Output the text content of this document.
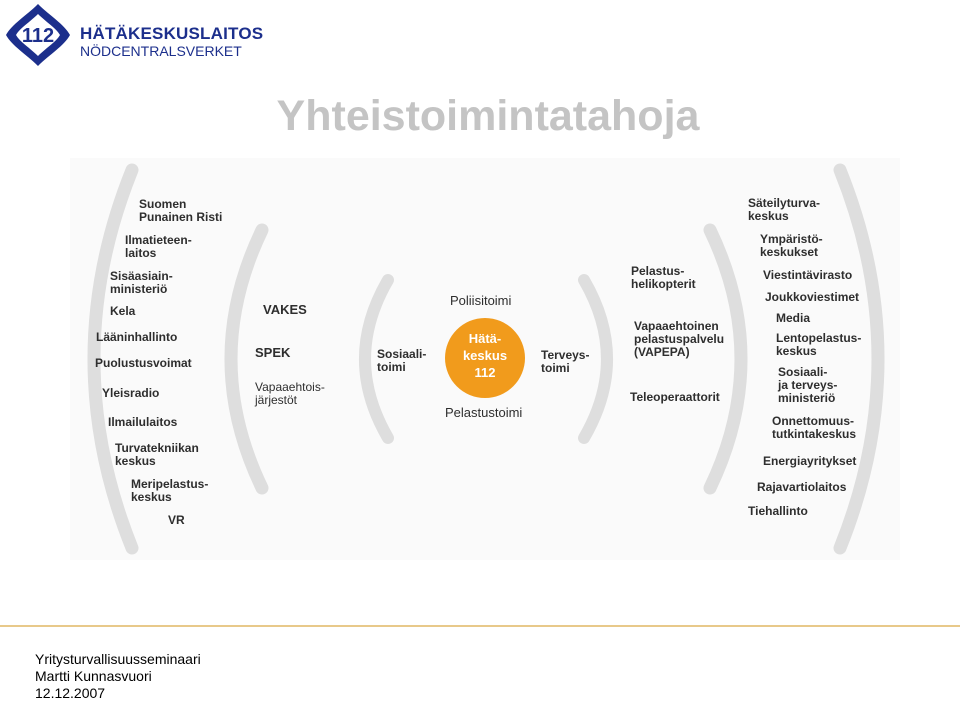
112 HÄTÄKESKUSLAITOS
NÖDCENTRALSVERKET
Yhteistoimintatahoja
Hätä-
keskus
112
Poliisitoimi
Pelastustoimi
Sosiaali-
toimi
Terveys-
toimi
VAKES
SPEK
Vapaaehtois-
järjestöt
Pelastus-
helikopterit
Vapaaehtoinen
pelastuspalvelu
(VAPEPA)
Teleoperaattorit
Suomen
Punainen Risti
Ilmatieteen-
laitos
Sisäasiain-
ministeriö
Kela
Lääninhallinto
Puolustusvoimat
Yleisradio
Ilmailulaitos
Turvatekniikan
keskus
Meripelastus-
keskus
VR
Säteilyturva-
keskus
Ympäristö-
keskukset
Viestintävirasto
Joukkoviestimet
Media
Lentopelastus-
keskus
Sosiaali-
ja terveys-
ministeriö
Onnettomuus-
tutkintakeskus
Energiayritykset
Rajavartiolaitos
Tiehallinto
Yritysturvallisuusseminaari
Martti Kunnasvuori
12.12.2007
